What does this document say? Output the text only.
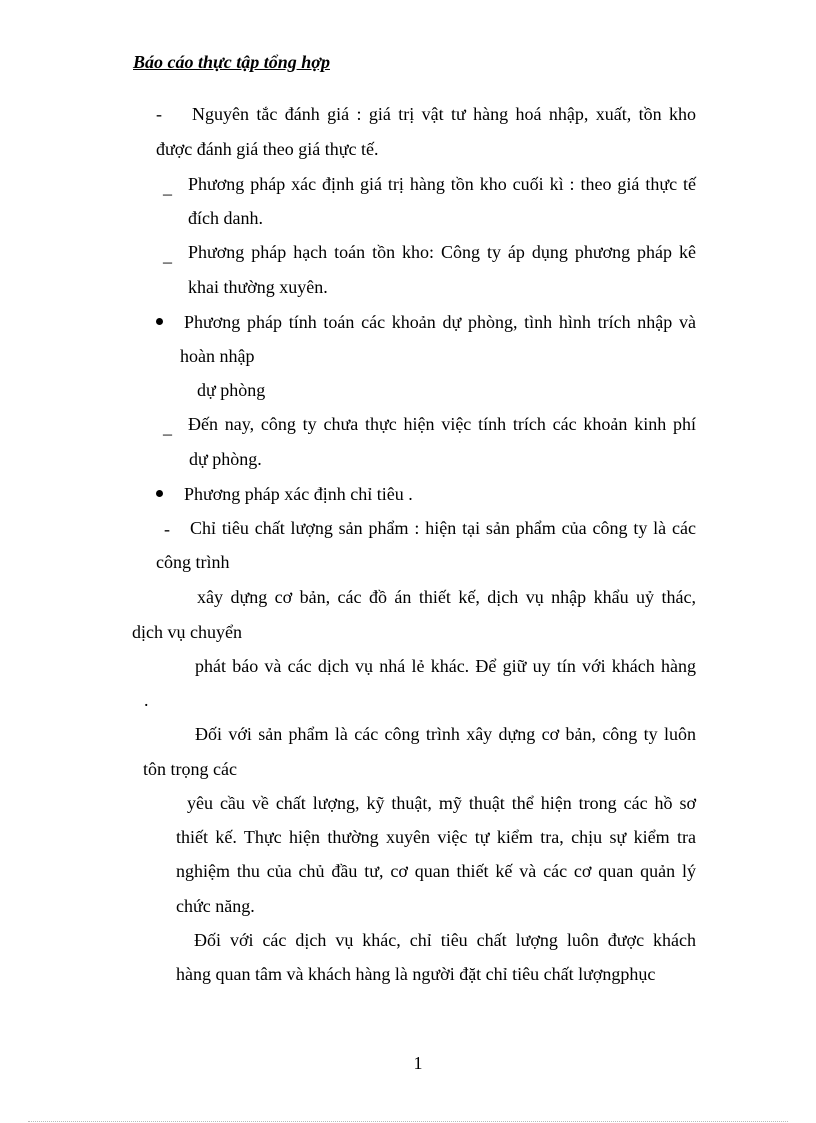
Báo cáo thực tập tổng hợp
-
_
_
_
-
Nguyên tắc đánh giá : giá trị vật tư hàng hoá nhập, xuất, tồn kho
được đánh giá theo giá thực tế.
Phương pháp xác định giá trị hàng tồn kho cuối kì : theo giá thực tế
đích danh.
Phương pháp hạch toán tồn kho: Công ty áp dụng phương pháp kê
khai thường xuyên.
Phương pháp tính toán các khoản dự phòng, tình hình trích nhập và
hoàn nhập
dự phòng
Đến nay, công ty chưa thực hiện việc tính trích các khoản kinh phí
dự phòng.
Phương pháp xác định chỉ tiêu .
Chỉ tiêu chất lượng sản phẩm : hiện tại sản phẩm của công ty là các
công trình
xây dựng cơ bản, các đồ án thiết kế, dịch vụ nhập khẩu uỷ thác,
dịch vụ chuyển
phát báo và các dịch vụ nhá lẻ khác. Để giữ uy tín với khách hàng
.
Đối với sản phẩm là các công trình xây dựng cơ bản, công ty luôn
tôn trọng các
yêu cầu về chất lượng, kỹ thuật, mỹ thuật thể hiện trong các hồ sơ
thiết kế. Thực hiện thường xuyên việc tự kiểm tra, chịu sự kiểm tra
nghiệm thu của chủ đầu tư, cơ quan thiết kế và các cơ quan quản lý
chức năng.
Đối với các dịch vụ khác, chỉ tiêu chất lượng luôn được khách
hàng quan tâm và khách hàng là người đặt chỉ tiêu chất lượngphục
1
